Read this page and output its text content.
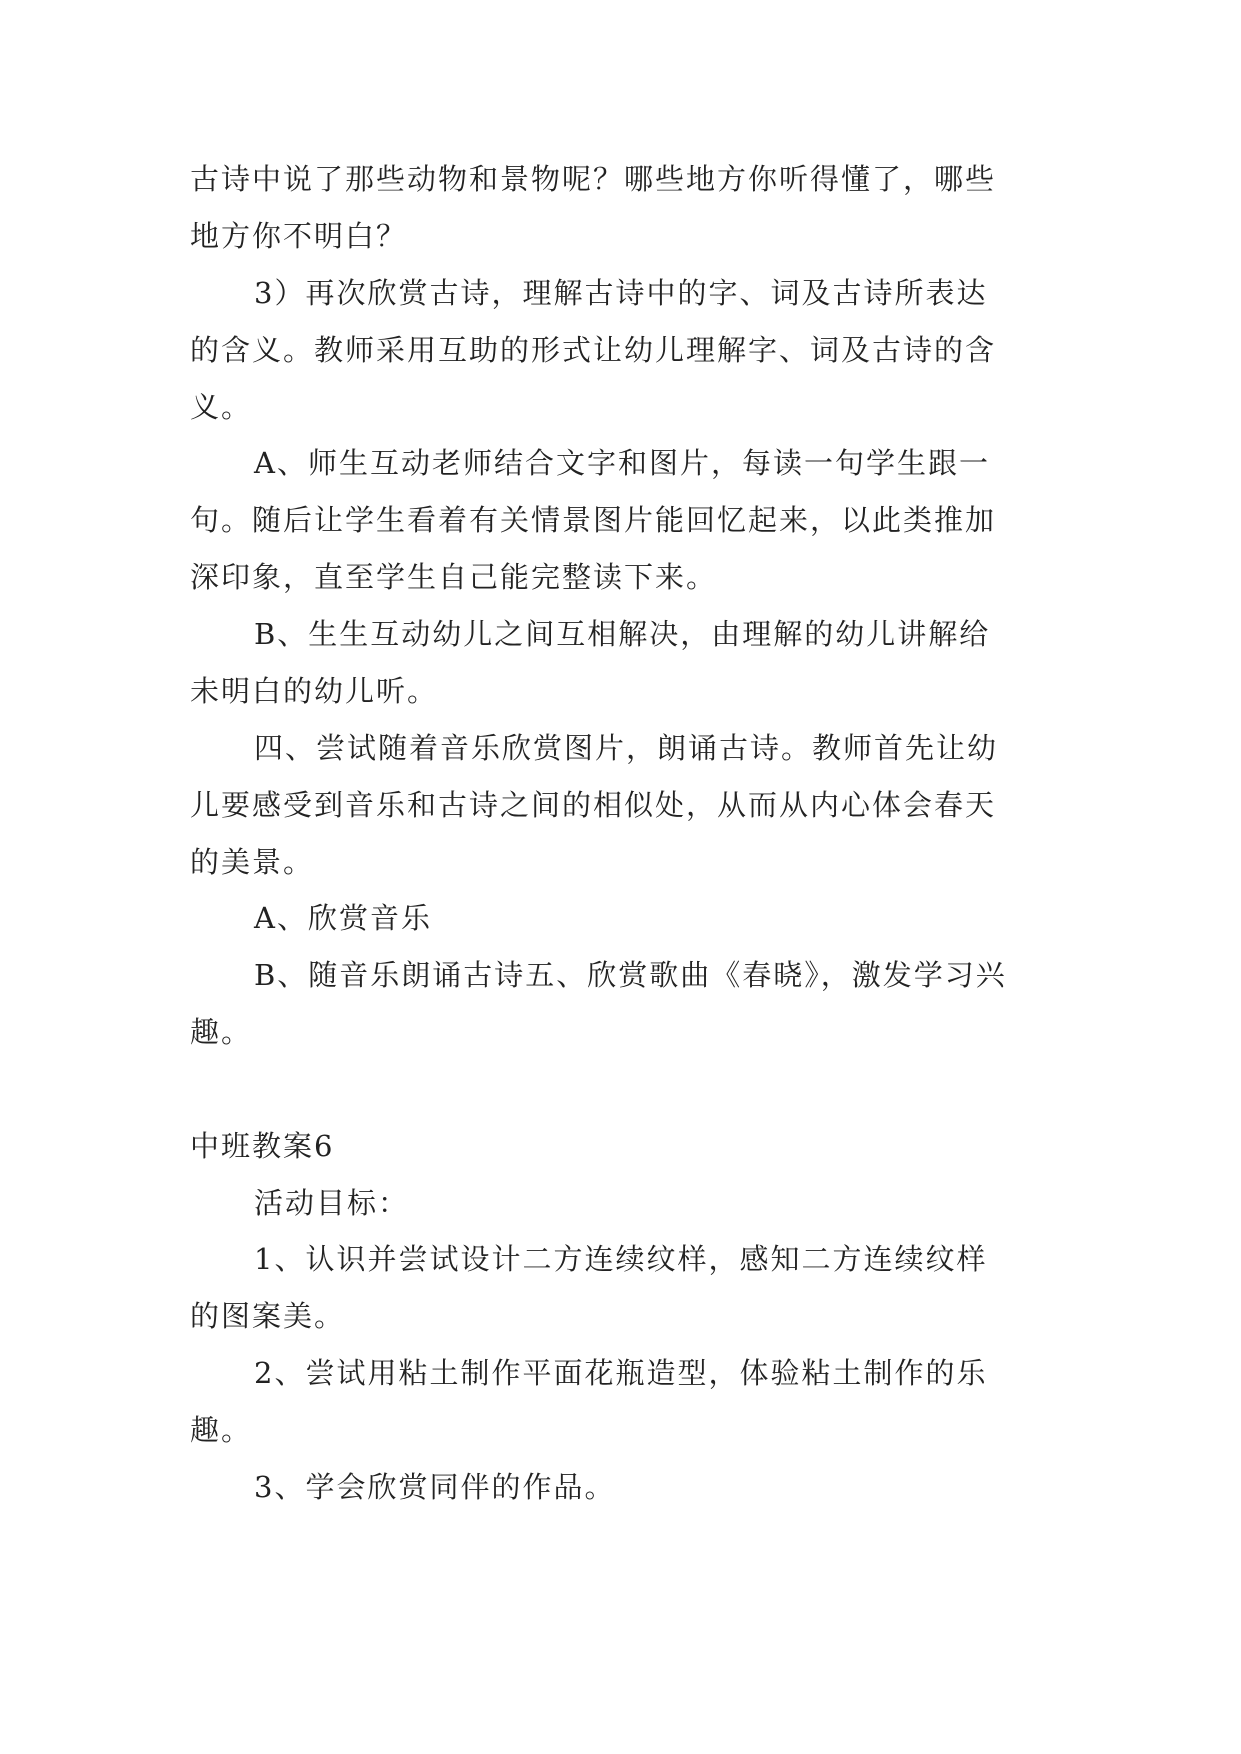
古诗中说了那些动物和景物呢？哪些地方你听得懂了，哪些
地方你不明白？
3）再次欣赏古诗，理解古诗中的字、词及古诗所表达
的含义。教师采用互助的形式让幼儿理解字、词及古诗的含
义。
A、师生互动老师结合文字和图片，每读一句学生跟一
句。随后让学生看着有关情景图片能回忆起来，以此类推加
深印象，直至学生自己能完整读下来。
B、生生互动幼儿之间互相解决，由理解的幼儿讲解给
未明白的幼儿听。
四、尝试随着音乐欣赏图片，朗诵古诗。教师首先让幼
儿要感受到音乐和古诗之间的相似处，从而从内心体会春天
的美景。
A、欣赏音乐
B、随音乐朗诵古诗五、欣赏歌曲《春晓》，激发学习兴
趣。
中班教案6
活动目标：
1、认识并尝试设计二方连续纹样，感知二方连续纹样
的图案美。
2、尝试用粘土制作平面花瓶造型，体验粘土制作的乐
趣。
3、学会欣赏同伴的作品。
